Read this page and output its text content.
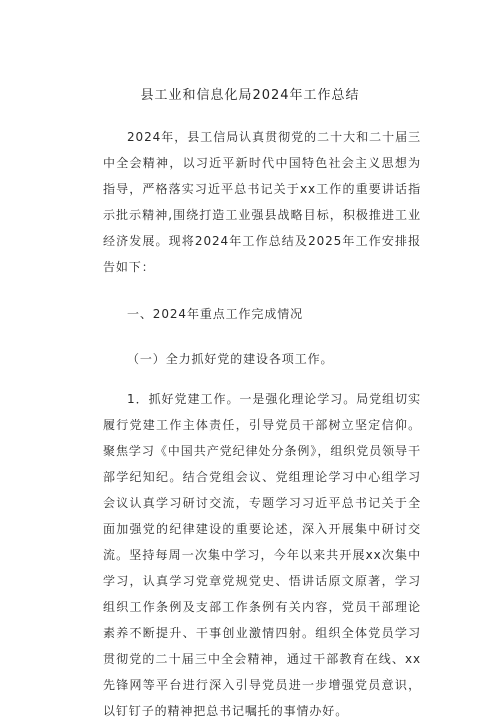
县工业和信息化局2024年工作总结

2024年，县工信局认真贯彻党的二十大和二十届三中全会精神，以习近平新时代中国特色社会主义思想为指导，严格落实习近平总书记关于xx工作的重要讲话指示批示精神,围绕打造工业强县战略目标，积极推进工业经济发展。现将2024年工作总结及2025年工作安排报告如下：

一、2024年重点工作完成情况
（一）全力抓好党的建设各项工作。

1．抓好党建工作。一是强化理论学习。局党组切实履行党建工作主体责任，引导党员干部树立坚定信仰。聚焦学习《中国共产党纪律处分条例》，组织党员领导干部学纪知纪。结合党组会议、党组理论学习中心组学习会议认真学习研讨交流，专题学习习近平总书记关于全面加强党的纪律建设的重要论述，深入开展集中研讨交流。坚持每周一次集中学习，今年以来共开展xx次集中学习，认真学习党章党规党史、悟讲话原文原著，学习组织工作条例及支部工作条例有关内容，党员干部理论素养不断提升、干事创业激情四射。组织全体党员学习贯彻党的二十届三中全会精神，通过干部教育在线、xx先锋网等平台进行深入引导党员进一步增强党员意识，以钉钉子的精神把总书记嘱托的事情办好。
